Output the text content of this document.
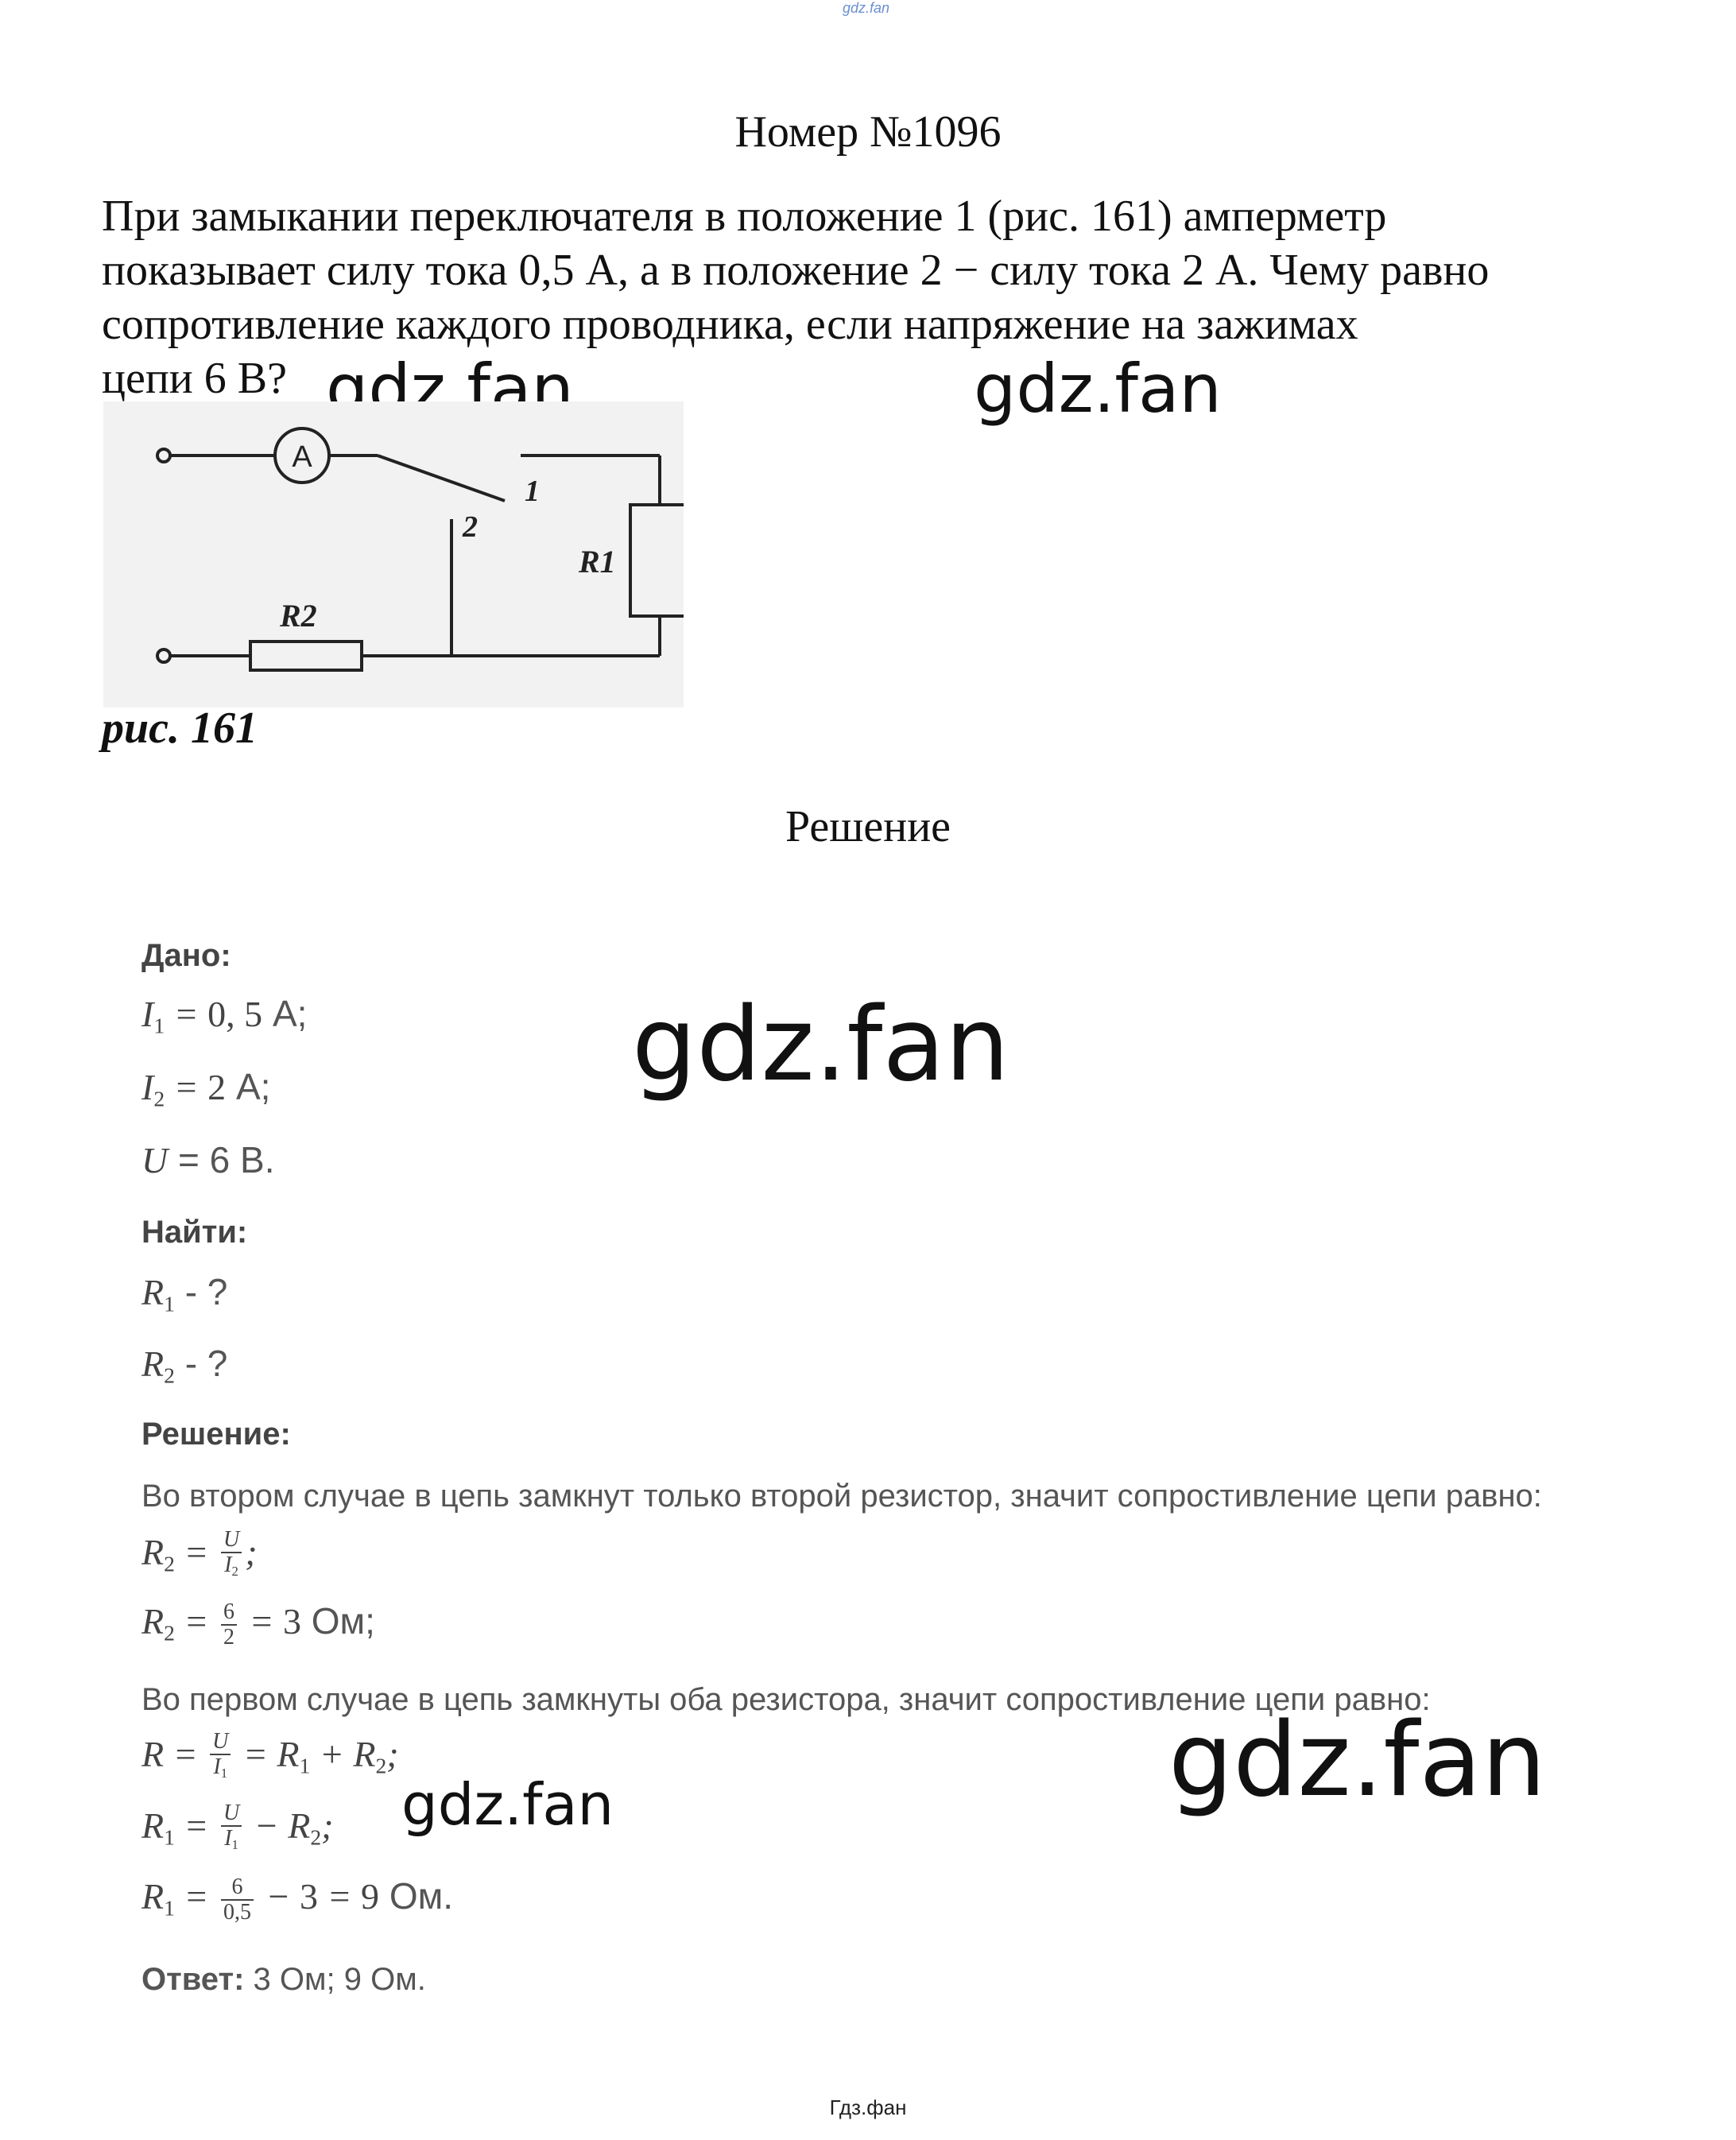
gdz.fan
Номер №1096

При замыкании переключателя в положение 1 (рис. 161) амперметр

показывает силу тока 0,5 А, а в положение 2 − силу тока 2 А. Чему равно

сопротивление каждого проводника, если напряжение на зажимах

цепи 6 В? gdz.fan	gdz.fan
gdz.fan
gdz.fan
gdz.fan
A
1
2
R1
R2
рис. 161
Решение
Дано:
$I_1 = 0$, 5 А;
$I_2 = 2$ А;
U = 6 В.
Найти:
$R_1$ - ?
$R_2$ - ?
Решение:
Во втором случае в цепь замкнут только второй резистор, значит сопростивление цепи равно:
$R_2 = \frac{U}{I_2}$ ;
$R_2 = \frac{6}{2} = 3$ Ом;
Во первом случае в цепь замкнуты оба резистора, значит сопростивление цепи равно:
$R = \frac{U}{I_1} = R_1 + R_2$;
$R_1 = \frac{U}{I_1} - R_2$;
$R_1 = \frac{6}{0,5} - 3 = 9$ Ом.
Ответ: 3 Ом; 9 Ом.
Гдз.фан
